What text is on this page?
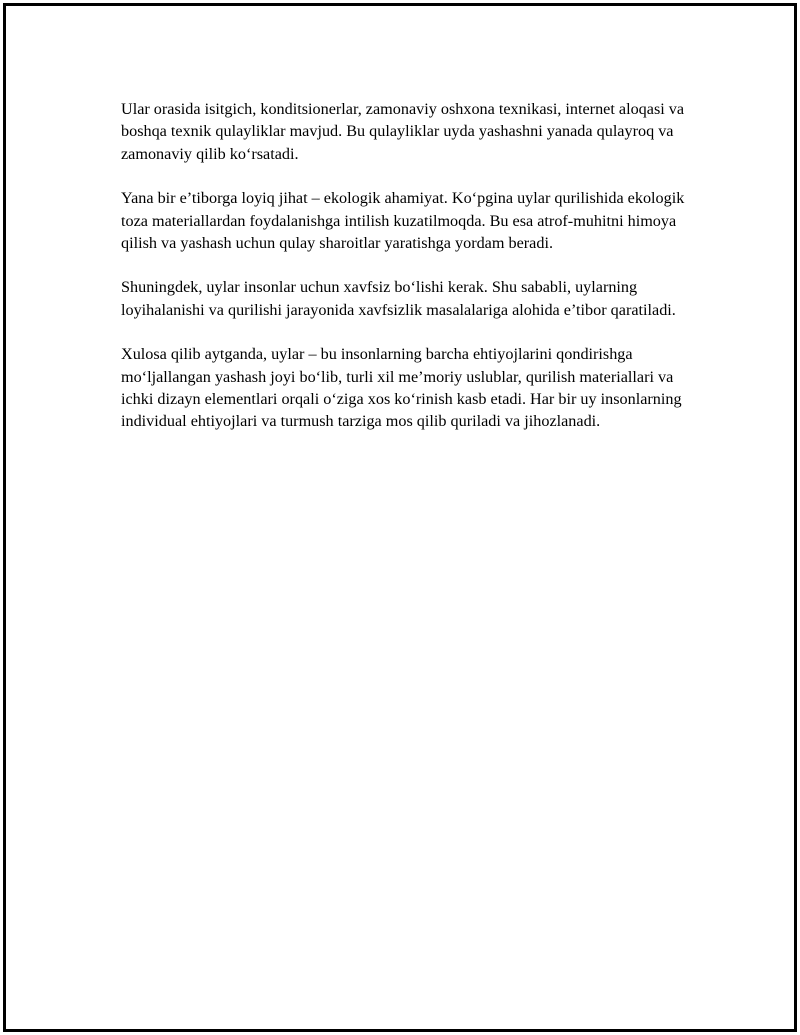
Ular orasida isitgich, konditsionerlar, zamonaviy oshxona texnikasi, internet aloqasi va boshqa texnik qulayliklar mavjud. Bu qulayliklar uyda yashashni yanada qulayroq va zamonaviy qilib ko‘rsatadi.

Yana bir e’tiborga loyiq jihat – ekologik ahamiyat. Ko‘pgina uylar qurilishida ekologik toza materiallardan foydalanishga intilish kuzatilmoqda. Bu esa atrof-muhitni himoya qilish va yashash uchun qulay sharoitlar yaratishga yordam beradi.

Shuningdek, uylar insonlar uchun xavfsiz bo‘lishi kerak. Shu sababli, uylarning loyihalanishi va qurilishi jarayonida xavfsizlik masalalariga alohida e’tibor qaratiladi.

Xulosa qilib aytganda, uylar – bu insonlarning barcha ehtiyojlarini qondirishga mo‘ljallangan yashash joyi bo‘lib, turli xil me’moriy uslublar, qurilish materiallari va ichki dizayn elementlari orqali o‘ziga xos ko‘rinish kasb etadi. Har bir uy insonlarning individual ehtiyojlari va turmush tarziga mos qilib quriladi va jihozlanadi.
